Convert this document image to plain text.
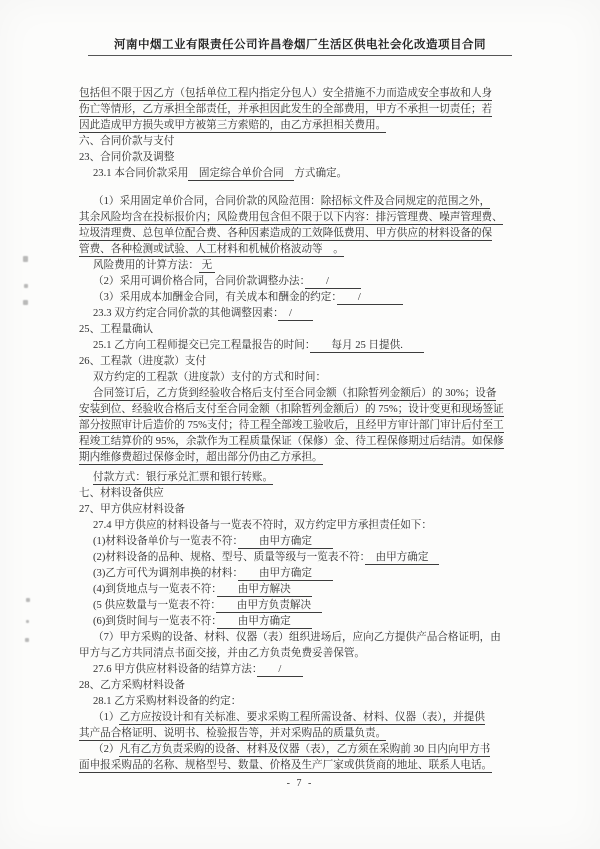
河南中烟工业有限责任公司许昌卷烟厂生活区供电社会化改造项目合同
包括但不限于因乙方（包括单位工程内指定分包人）安全措施不力而造成安全事故和人身
伤亡等情形，乙方承担全部责任，并承担因此发生的全部费用，甲方不承担一切责任；若
因此造成甲方损失或甲方被第三方索赔的，由乙方承担相关费用。
六、合同价款与支付
23、合同价款及调整
23.1 本合同价款采用　固定综合单价合同　方式确定。
（1）采用固定单价合同，合同价款的风险范围：除招标文件及合同规定的范围之外，
其余风险均含在投标报价内；风险费用包含但不限于以下内容：排污管理费、噪声管理费、
垃圾清理费、总包单位配合费、各种因素造成的工效降低费用、甲方供应的材料设备的保
管费、各种检测或试验、人工材料和机械价格波动等　。
风险费用的计算方法： 无
（2）采用可调价格合同，合同价款调整办法：　　/　　　
（3）采用成本加酬金合同，有关成本和酬金的约定：　　/　　　　
23.3 双方约定合同价款的其他调整因素：　/　　
25、工程量确认
25.1 乙方向工程师提交已完工程量报告的时间：　　每月 25 日提供.　　
26、工程款（进度款）支付
双方约定的工程款（进度款）支付的方式和时间：
合同签订后，乙方货到经验收合格后支付至合同金额（扣除暂列金额后）的 30%；设备
安装到位、经验收合格后支付至合同金额（扣除暂列金额后）的 75%；设计变更和现场签证
部分按照审计后造价的 75%支付；待工程全部竣工验收后，且经甲方审计部门审计后付至工
程竣工结算价的 95%，余款作为工程质量保证（保修）金、待工程保修期过后结清。如保修
期内维修费超过保修金时，超出部分仍由乙方承担。
付款方式：银行承兑汇票和银行转账。
七、材料设备供应
27、甲方供应材料设备
27.4 甲方供应的材料设备与一览表不符时，双方约定甲方承担责任如下：
(1)材料设备单价与一览表不符：　　由甲方确定　　
(2)材料设备的品种、规格、型号、质量等级与一览表不符：　由甲方确定　
(3)乙方可代为调剂串换的材料：　　由甲方确定　　
(4)到货地点与一览表不符：　　由甲方解决　　
(5 供应数量与一览表不符：　　由甲方负责解决　
(6)到货时间与一览表不符：　　由甲方确定　　
（7）甲方采购的设备、材料、仪器（表）组织进场后，应向乙方提供产品合格证明，由
甲方与乙方共同清点书面交接，并由乙方负责免费妥善保管。
27.6 甲方供应材料设备的结算方法：　　/　　
28、乙方采购材料设备
28.1 乙方采购材料设备的约定：
（1）乙方应按设计和有关标准、要求采购工程所需设备、材料、仪器（表），并提供
其产品合格证明、说明书、检验报告等，并对采购品的质量负责。
（2）凡有乙方负责采购的设备、材料及仪器（表），乙方须在采购前 30 日内向甲方书
面申报采购品的名称、规格型号、数量、价格及生产厂家或供货商的地址、联系人电话。
- 7 -
